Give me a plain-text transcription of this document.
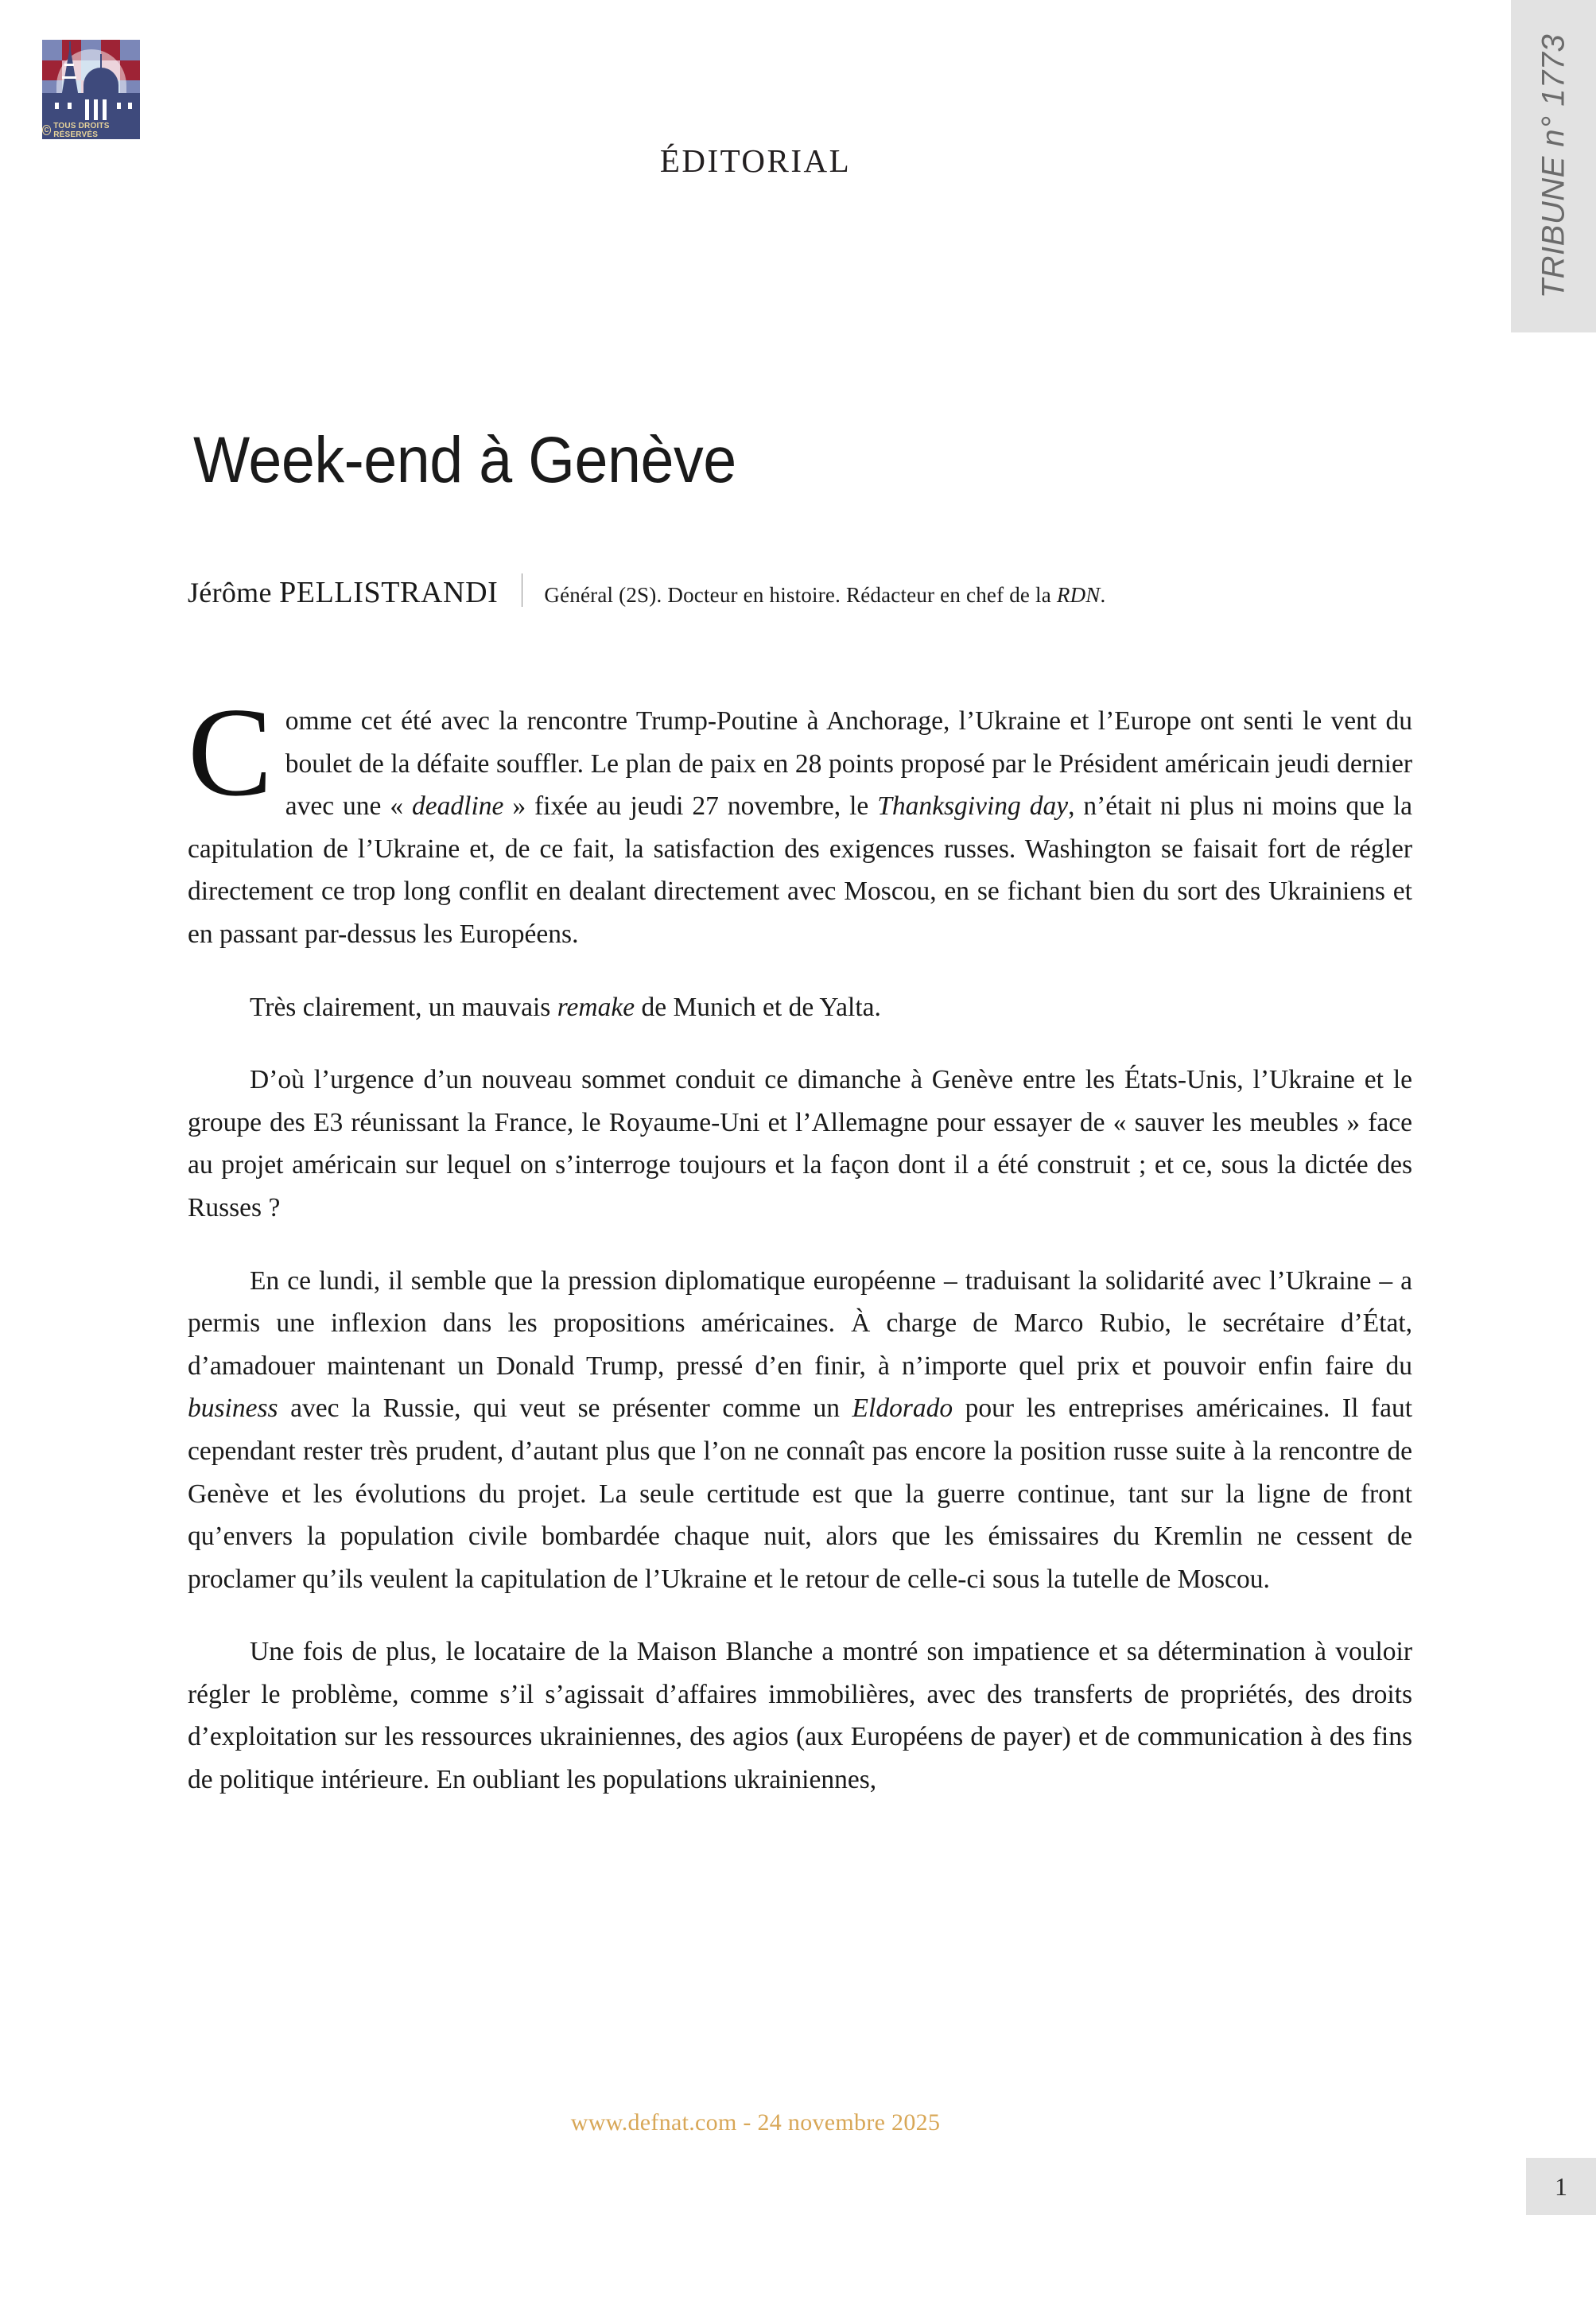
C TOUS DROITS RÉSERVÉS	TRIBUNE n° 1773
ÉDITORIAL
Week-end à Genève
Jérôme PELLISTRANDI Général (2S). Docteur en histoire. Rédacteur en chef de la RDN.

Comme cet été avec la rencontre Trump-Poutine à Anchorage, l’Ukraine et l’Europe ont senti le vent du boulet de la défaite souffler. Le plan de paix en 28 points proposé par le Président américain jeudi dernier avec une « deadline » fixée au jeudi 27 novembre, le Thanksgiving day, n’était ni plus ni moins que la capitulation de l’Ukraine et, de ce fait, la satisfaction des exigences russes. Washington se faisait fort de régler directement ce trop long conflit en dealant directement avec Moscou, en se fichant bien du sort des Ukrainiens et en passant par-dessus les Européens.

Très clairement, un mauvais remake de Munich et de Yalta.

D’où l’urgence d’un nouveau sommet conduit ce dimanche à Genève entre les États-Unis, l’Ukraine et le groupe des E3 réunissant la France, le Royaume-Uni et l’Allemagne pour essayer de « sauver les meubles » face au projet américain sur lequel on s’interroge toujours et la façon dont il a été construit ; et ce, sous la dictée des Russes ?

En ce lundi, il semble que la pression diplomatique européenne – traduisant la solidarité avec l’Ukraine – a permis une inflexion dans les propositions américaines. À charge de Marco Rubio, le secrétaire d’État, d’amadouer maintenant un Donald Trump, pressé d’en finir, à n’importe quel prix et pouvoir enfin faire du business avec la Russie, qui veut se présenter comme un Eldorado pour les entreprises américaines. Il faut cependant rester très prudent, d’autant plus que l’on ne connaît pas encore la position russe suite à la rencontre de Genève et les évolutions du projet. La seule certitude est que la guerre continue, tant sur la ligne de front qu’envers la population civile bombardée chaque nuit, alors que les émissaires du Kremlin ne cessent de proclamer qu’ils veulent la capitulation de l’Ukraine et le retour de celle-ci sous la tutelle de Moscou.

Une fois de plus, le locataire de la Maison Blanche a montré son impatience et sa détermination à vouloir régler le problème, comme s’il s’agissait d’affaires immobilières, avec des transferts de propriétés, des droits d’exploitation sur les ressources ukrainiennes, des agios (aux Européens de payer) et de communication à des fins de politique intérieure. En oubliant les populations ukrainiennes,

www.defnat.com - 24 novembre 2025
1
